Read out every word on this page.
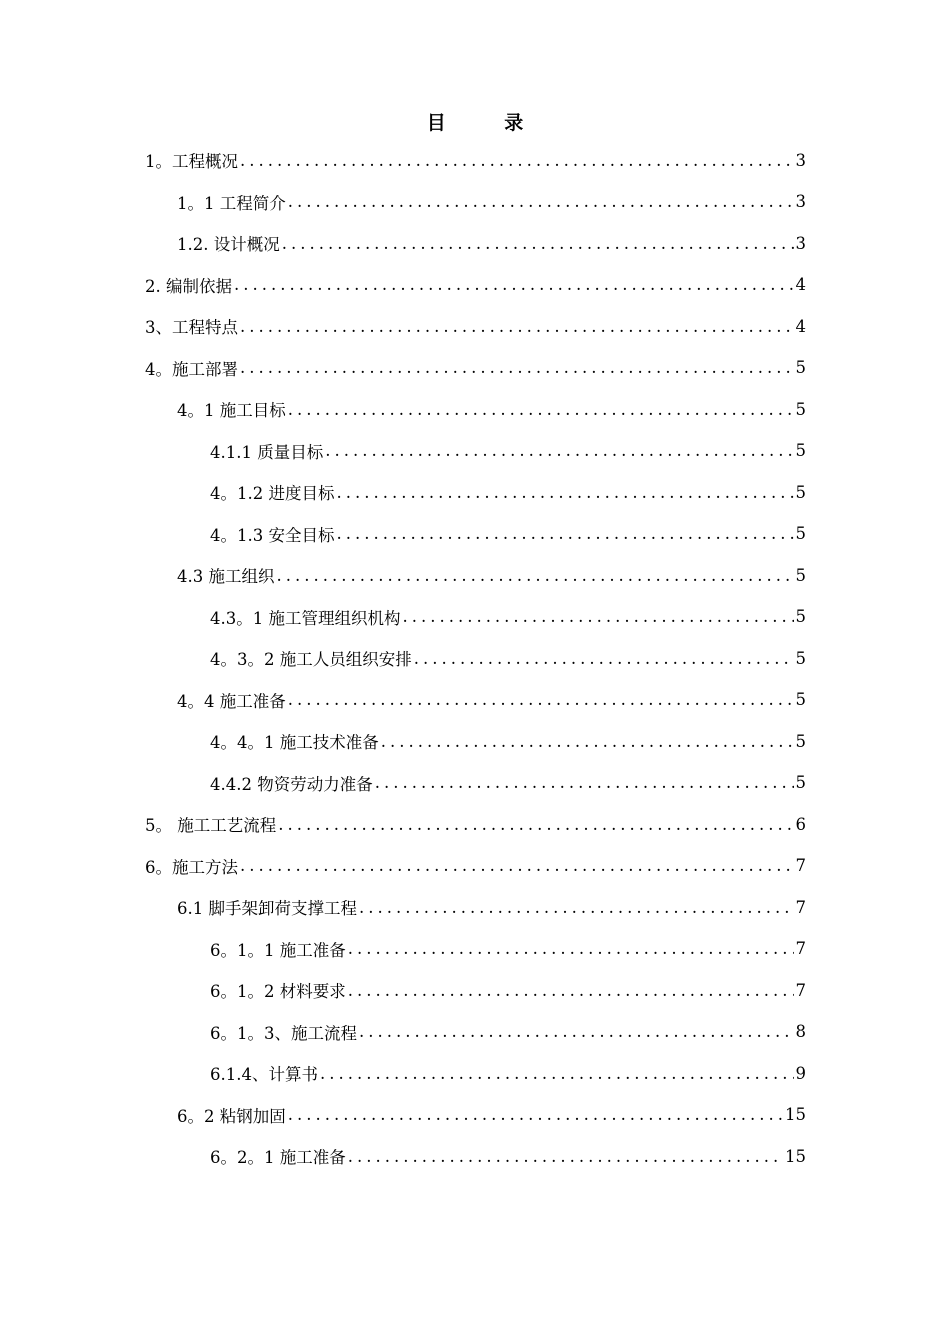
目 录
1。工程概况 .....	3
1。1 工程简介 .....	3
1.2. 设计概况 .....	3
2. 编制依据 .....	4
3、工程特点 .....	4
4。施工部署 .....	5
4。1 施工目标 .....	5
4.1.1 质量目标 .....	5
4。1.2 进度目标 .....	5
4。1.3 安全目标 .....	5
4.3 施工组织 .....	5
4.3。1 施工管理组织机构 .....	5
4。3。2 施工人员组织安排 .....	5
4。4 施工准备 .....	5
4。4。1 施工技术准备 .....	5
4.4.2 物资劳动力准备 .....	5
5。 施工工艺流程 .....	6
6。施工方法 .....	7
6.1 脚手架卸荷支撑工程 .....	7
6。1。1 施工准备 .....	7
6。1。2 材料要求 .....	7
6。1。3、施工流程 .....	8
6.1.4、计算书 .....	9
6。2 粘钢加固 .....	15
6。2。1 施工准备 .....	15
